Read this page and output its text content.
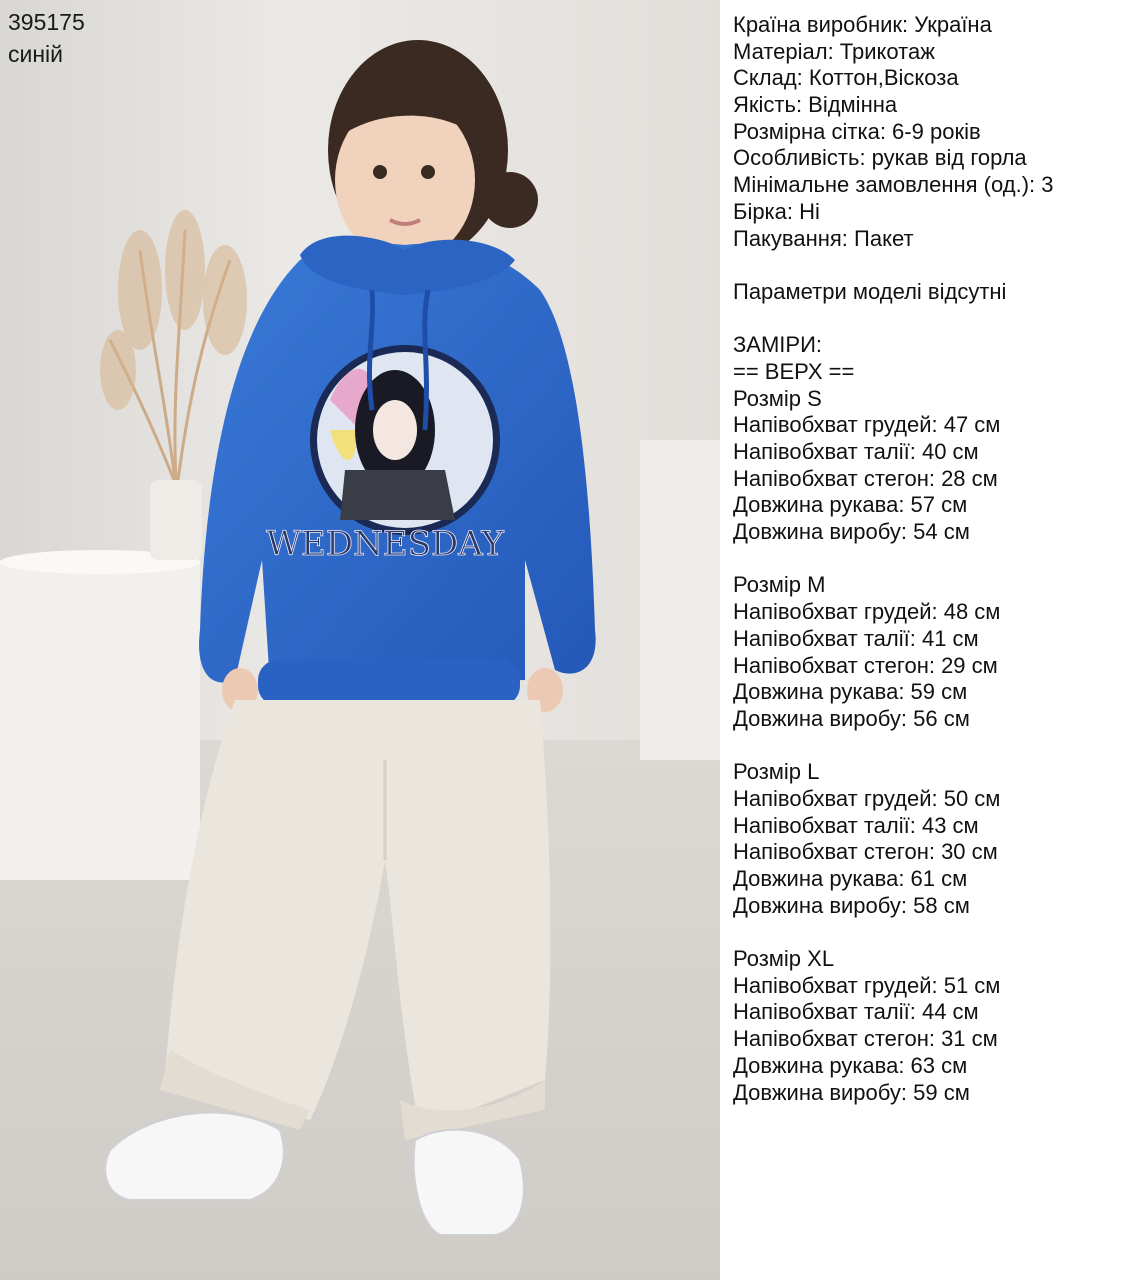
WEDNESDAY
395175
синій
Країна виробник: Україна
Матеріал: Трикотаж
Склад: Коттон,Віскоза
Якість: Відмінна
Розмірна сітка: 6-9 років
Особливість: рукав від горла
Мінімальне замовлення (од.): 3
Бірка: Ні
Пакування: Пакет
Параметри моделі відсутні
ЗАМІРИ:
== ВЕРХ ==
Розмір S
Напівобхват грудей: 47 см
Напівобхват талії: 40 см
Напівобхват стегон: 28 см
Довжина рукава: 57 см
Довжина виробу: 54 см
Розмір M
Напівобхват грудей: 48 см
Напівобхват талії: 41 см
Напівобхват стегон: 29 см
Довжина рукава: 59 см
Довжина виробу: 56 см
Розмір L
Напівобхват грудей: 50 см
Напівобхват талії: 43 см
Напівобхват стегон: 30 см
Довжина рукава: 61 см
Довжина виробу: 58 см
Розмір XL
Напівобхват грудей: 51 см
Напівобхват талії: 44 см
Напівобхват стегон: 31 см
Довжина рукава: 63 см
Довжина виробу: 59 см
